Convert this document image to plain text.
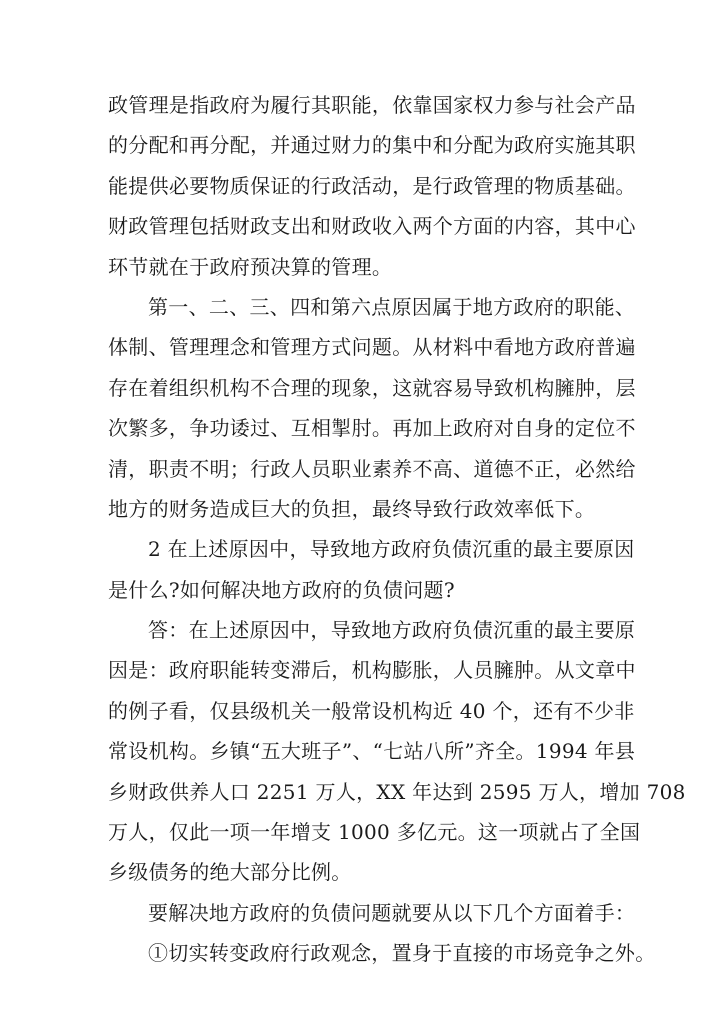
政管理是指政府为履行其职能，依靠国家权力参与社会产品
的分配和再分配，并通过财力的集中和分配为政府实施其职
能提供必要物质保证的行政活动，是行政管理的物质基础。
财政管理包括财政支出和财政收入两个方面的内容，其中心
环节就在于政府预决算的管理。
第一、二、三、四和第六点原因属于地方政府的职能、
体制、管理理念和管理方式问题。从材料中看地方政府普遍
存在着组织机构不合理的现象，这就容易导致机构臃肿，层
次繁多，争功诿过、互相掣肘。再加上政府对自身的定位不
清，职责不明；行政人员职业素养不高、道德不正，必然给
地方的财务造成巨大的负担，最终导致行政效率低下。
2 在上述原因中，导致地方政府负债沉重的最主要原因
是什么?如何解决地方政府的负债问题?
答：在上述原因中，导致地方政府负债沉重的最主要原
因是：政府职能转变滞后，机构膨胀，人员臃肿。从文章中
的例子看，仅县级机关一般常设机构近 40 个，还有不少非
常设机构。乡镇“五大班子”、“七站八所”齐全。1994 年县
乡财政供养人口 2251 万人，XX 年达到 2595 万人，增加 708
万人，仅此一项一年增支 1000 多亿元。这一项就占了全国
乡级债务的绝大部分比例。
要解决地方政府的负债问题就要从以下几个方面着手：
①切实转变政府行政观念，置身于直接的市场竞争之外。
